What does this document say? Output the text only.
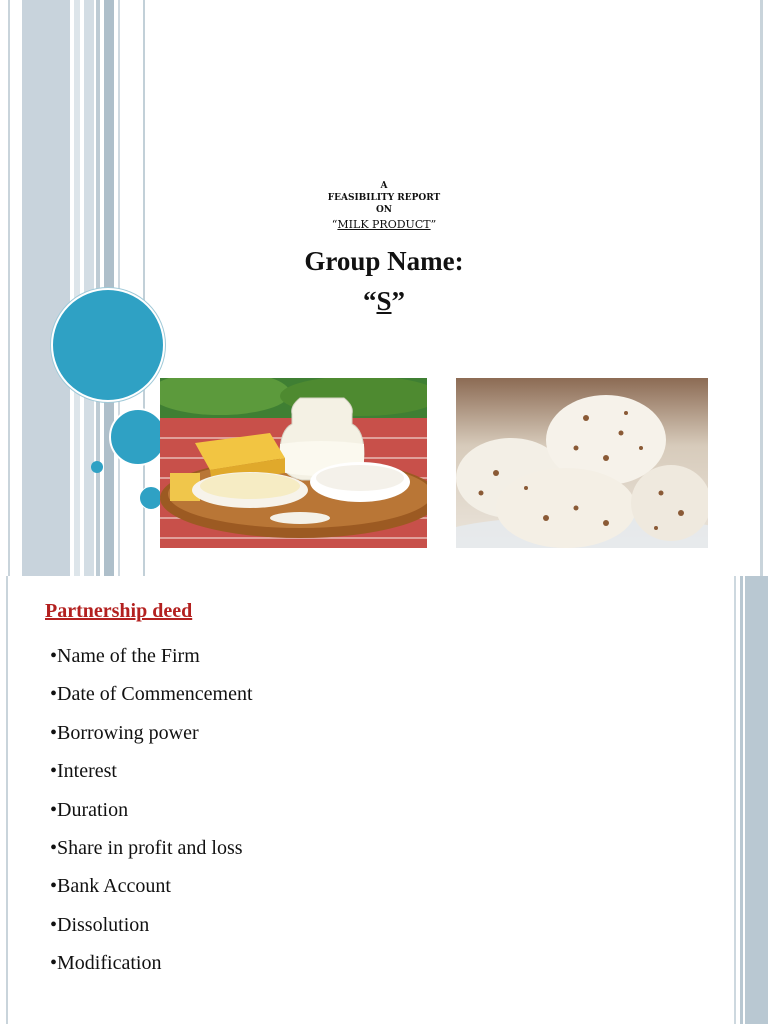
A
FEASIBILITY REPORT
ON
“MILK PRODUCT”
Group Name:
“S”
Partnership deed
•Name of the Firm
•Date of Commencement
•Borrowing power
•Interest
•Duration
•Share in profit and loss
•Bank Account
•Dissolution
•Modification
